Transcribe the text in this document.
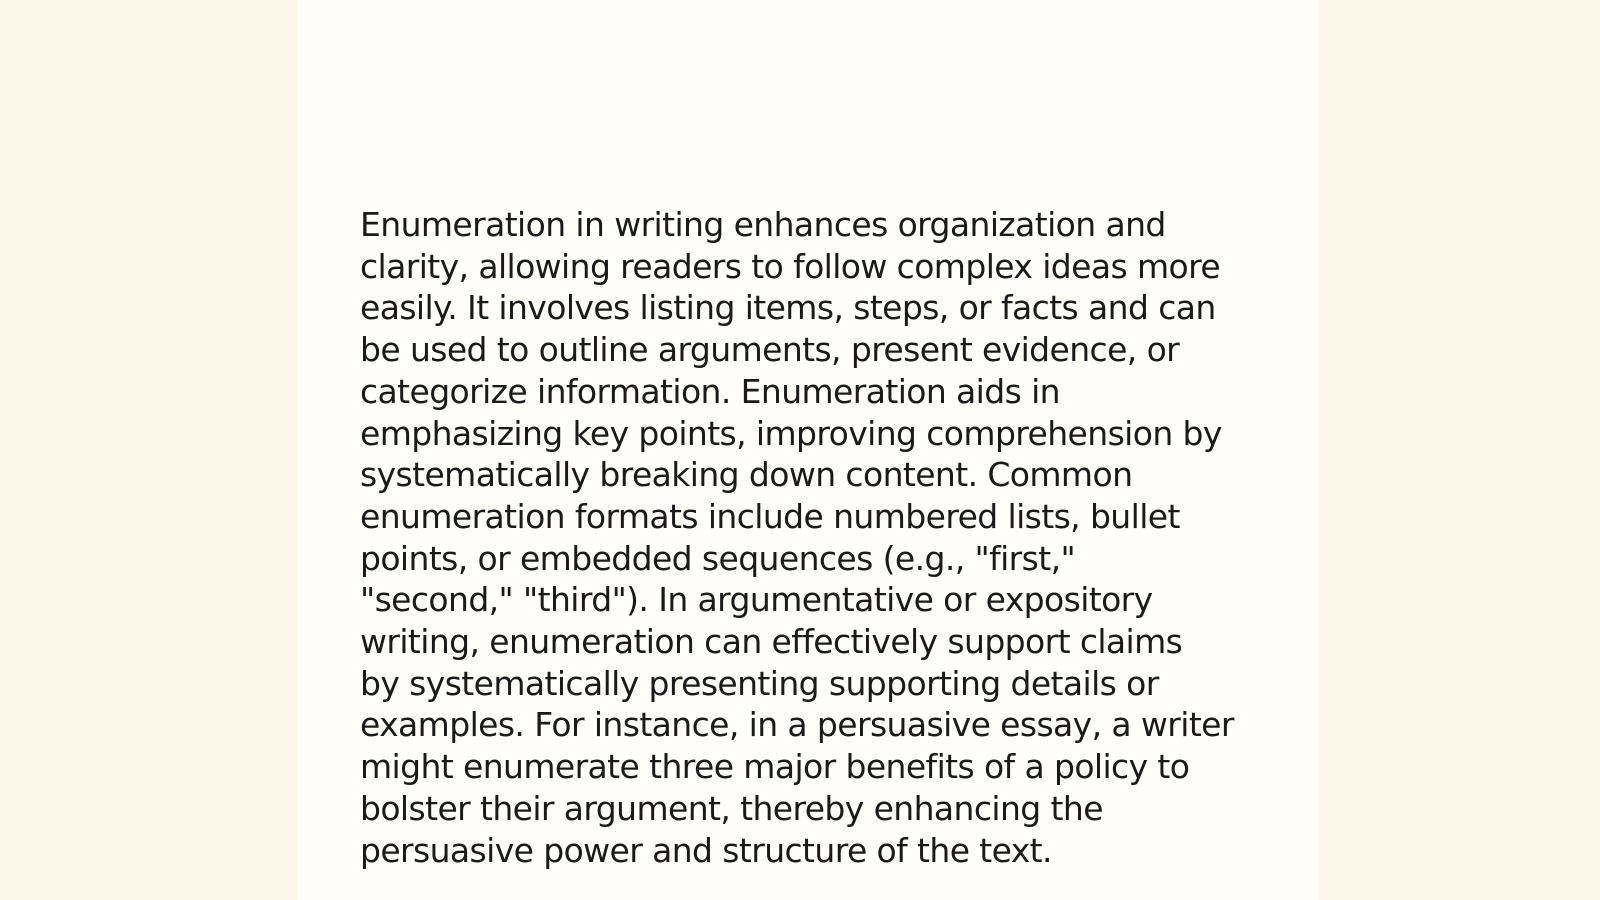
Enumeration in writing enhances organization and
clarity, allowing readers to follow complex ideas more
easily. It involves listing items, steps, or facts and can
be used to outline arguments, present evidence, or
categorize information. Enumeration aids in
emphasizing key points, improving comprehension by
systematically breaking down content. Common
enumeration formats include numbered lists, bullet
points, or embedded sequences (e.g., "first,"
"second," "third"). In argumentative or expository
writing, enumeration can effectively support claims
by systematically presenting supporting details or
examples. For instance, in a persuasive essay, a writer
might enumerate three major benefits of a policy to
bolster their argument, thereby enhancing the
persuasive power and structure of the text.
